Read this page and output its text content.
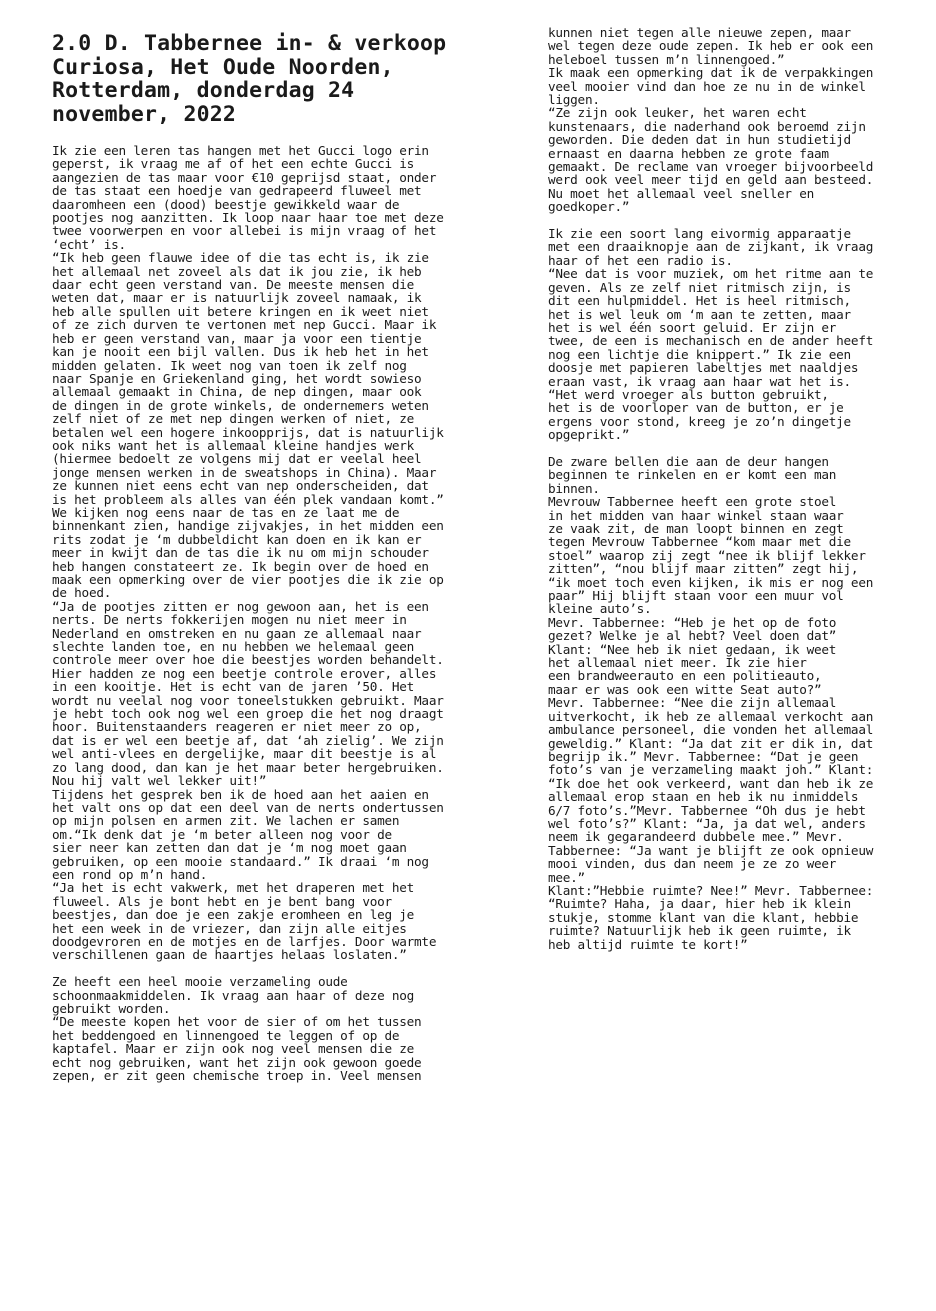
2.0 D. Tabbernee in- & verkoop
Curiosa, Het Oude Noorden,
Rotterdam, donderdag 24
november, 2022
Ik zie een leren tas hangen met het Gucci logo erin
geperst, ik vraag me af of het een echte Gucci is
aangezien de tas maar voor €10 geprijsd staat, onder
de tas staat een hoedje van gedrapeerd fluweel met
daaromheen een (dood) beestje gewikkeld waar de
pootjes nog aanzitten. Ik loop naar haar toe met deze
twee voorwerpen en voor allebei is mijn vraag of het
‘echt’ is.
“Ik heb geen flauwe idee of die tas echt is, ik zie
het allemaal net zoveel als dat ik jou zie, ik heb
daar echt geen verstand van. De meeste mensen die
weten dat, maar er is natuurlijk zoveel namaak, ik
heb alle spullen uit betere kringen en ik weet niet
of ze zich durven te vertonen met nep Gucci. Maar ik
heb er geen verstand van, maar ja voor een tientje
kan je nooit een bijl vallen. Dus ik heb het in het
midden gelaten. Ik weet nog van toen ik zelf nog
naar Spanje en Griekenland ging, het wordt sowieso
allemaal gemaakt in China, de nep dingen, maar ook
de dingen in de grote winkels, de ondernemers weten
zelf niet of ze met nep dingen werken of niet, ze
betalen wel een hogere inkoopprijs, dat is natuurlijk
ook niks want het is allemaal kleine handjes werk
(hiermee bedoelt ze volgens mij dat er veelal heel
jonge mensen werken in de sweatshops in China). Maar
ze kunnen niet eens echt van nep onderscheiden, dat
is het probleem als alles van één plek vandaan komt.”
We kijken nog eens naar de tas en ze laat me de
binnenkant zien, handige zijvakjes, in het midden een
rits zodat je ‘m dubbeldicht kan doen en ik kan er
meer in kwijt dan de tas die ik nu om mijn schouder
heb hangen constateert ze. Ik begin over de hoed en
maak een opmerking over de vier pootjes die ik zie op
de hoed.
“Ja de pootjes zitten er nog gewoon aan, het is een
nerts. De nerts fokkerijen mogen nu niet meer in
Nederland en omstreken en nu gaan ze allemaal naar
slechte landen toe, en nu hebben we helemaal geen
controle meer over hoe die beestjes worden behandelt.
Hier hadden ze nog een beetje controle erover, alles
in een kooitje. Het is echt van de jaren ’50. Het
wordt nu veelal nog voor toneelstukken gebruikt. Maar
je hebt toch ook nog wel een groep die het nog draagt
hoor. Buitenstaanders reageren er niet meer zo op,
dat is er wel een beetje af, dat ‘ah zielig’. We zijn
wel anti-vlees en dergelijke, maar dit beestje is al
zo lang dood, dan kan je het maar beter hergebruiken.
Nou hij valt wel lekker uit!”
Tijdens het gesprek ben ik de hoed aan het aaien en
het valt ons op dat een deel van de nerts ondertussen
op mijn polsen en armen zit. We lachen er samen
om.“Ik denk dat je ‘m beter alleen nog voor de
sier neer kan zetten dan dat je ‘m nog moet gaan
gebruiken, op een mooie standaard.” Ik draai ‘m nog
een rond op m’n hand.
“Ja het is echt vakwerk, met het draperen met het
fluweel. Als je bont hebt en je bent bang voor
beestjes, dan doe je een zakje eromheen en leg je
het een week in de vriezer, dan zijn alle eitjes
doodgevroren en de motjes en de larfjes. Door warmte
verschillenen gaan de haartjes helaas loslaten.”
Ze heeft een heel mooie verzameling oude
schoonmaakmiddelen. Ik vraag aan haar of deze nog
gebruikt worden.
“De meeste kopen het voor de sier of om het tussen
het beddengoed en linnengoed te leggen of op de
kaptafel. Maar er zijn ook nog veel mensen die ze
echt nog gebruiken, want het zijn ook gewoon goede
zepen, er zit geen chemische troep in. Veel mensen
kunnen niet tegen alle nieuwe zepen, maar
wel tegen deze oude zepen. Ik heb er ook een
heleboel tussen m’n linnengoed.”
Ik maak een opmerking dat ik de verpakkingen
veel mooier vind dan hoe ze nu in de winkel
liggen.
“Ze zijn ook leuker, het waren echt
kunstenaars, die naderhand ook beroemd zijn
geworden. Die deden dat in hun studietijd
ernaast en daarna hebben ze grote faam
gemaakt. De reclame van vroeger bijvoorbeeld
werd ook veel meer tijd en geld aan besteed.
Nu moet het allemaal veel sneller en
goedkoper.”
Ik zie een soort lang eivormig apparaatje
met een draaiknopje aan de zijkant, ik vraag
haar of het een radio is.
“Nee dat is voor muziek, om het ritme aan te
geven. Als ze zelf niet ritmisch zijn, is
dit een hulpmiddel. Het is heel ritmisch,
het is wel leuk om ‘m aan te zetten, maar
het is wel één soort geluid. Er zijn er
twee, de een is mechanisch en de ander heeft
nog een lichtje die knippert.” Ik zie een
doosje met papieren labeltjes met naaldjes
eraan vast, ik vraag aan haar wat het is.
“Het werd vroeger als button gebruikt,
het is de voorloper van de button, er je
ergens voor stond, kreeg je zo’n dingetje
opgeprikt.”
De zware bellen die aan de deur hangen
beginnen te rinkelen en er komt een man
binnen.
Mevrouw Tabbernee heeft een grote stoel
in het midden van haar winkel staan waar
ze vaak zit, de man loopt binnen en zegt
tegen Mevrouw Tabbernee “kom maar met die
stoel” waarop zij zegt “nee ik blijf lekker
zitten”, “nou blijf maar zitten” zegt hij,
“ik moet toch even kijken, ik mis er nog een
paar” Hij blijft staan voor een muur vol
kleine auto’s.
Mevr. Tabbernee: “Heb je het op de foto
gezet? Welke je al hebt? Veel doen dat”
Klant: “Nee heb ik niet gedaan, ik weet
het allemaal niet meer. Ik zie hier
een brandweerauto en een politieauto,
maar er was ook een witte Seat auto?”
Mevr. Tabbernee: “Nee die zijn allemaal
uitverkocht, ik heb ze allemaal verkocht aan
ambulance personeel, die vonden het allemaal
geweldig.” Klant: “Ja dat zit er dik in, dat
begrijp ik.” Mevr. Tabbernee: “Dat je geen
foto’s van je verzameling maakt joh.” Klant:
“Ik doe het ook verkeerd, want dan heb ik ze
allemaal erop staan en heb ik nu inmiddels
6/7 foto’s.”Mevr. Tabbernee “Oh dus je hebt
wel foto’s?” Klant: “Ja, ja dat wel, anders
neem ik gegarandeerd dubbele mee.” Mevr.
Tabbernee: “Ja want je blijft ze ook opnieuw
mooi vinden, dus dan neem je ze zo weer
mee.”
Klant:”Hebbie ruimte? Nee!” Mevr. Tabbernee:
“Ruimte? Haha, ja daar, hier heb ik klein
stukje, stomme klant van die klant, hebbie
ruimte? Natuurlijk heb ik geen ruimte, ik
heb altijd ruimte te kort!”
